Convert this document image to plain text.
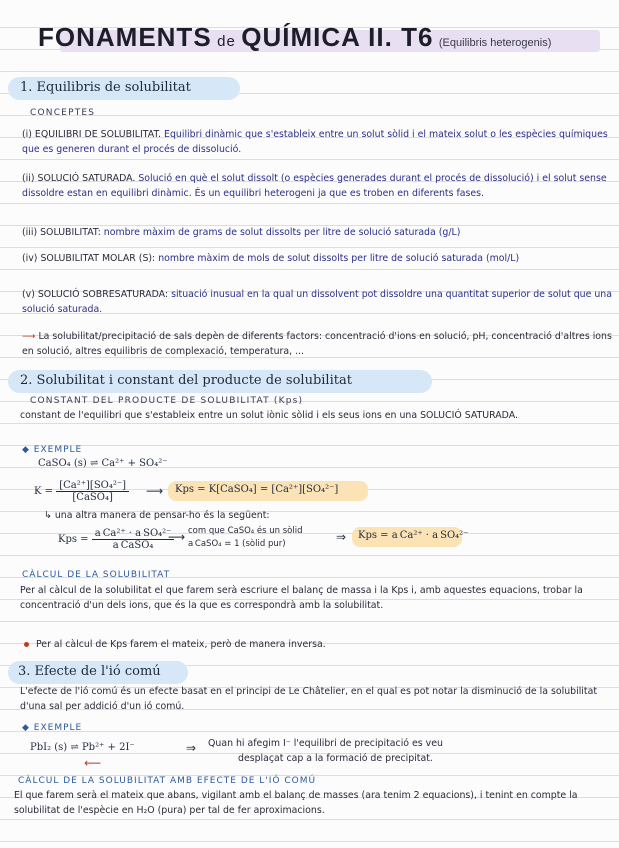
FONAMENTS de QUÍMICA II. T6 (Equilibris heterogenis)
1. Equilibris de solubilitat
CONCEPTES
(i) EQUILIBRI DE SOLUBILITAT. Equilibri dinàmic que s'estableix entre un solut sòlid i el mateix solut o les espècies químiques que es generen durant el procés de dissolució.
(ii) SOLUCIÓ SATURADA. Solució en què el solut dissolt (o espècies generades durant el procés de dissolució) i el solut sense dissoldre estan en equilibri dinàmic. És un equilibri heterogeni ja que es troben en diferents fases.
(iii) SOLUBILITAT: nombre màxim de grams de solut dissolts per litre de solució saturada (g/L)
(iv) SOLUBILITAT MOLAR (S): nombre màxim de mols de solut dissolts per litre de solució saturada (mol/L)
(v) SOLUCIÓ SOBRESATURADA: situació inusual en la qual un dissolvent pot dissoldre una quantitat superior de solut que una solució saturada.
⟶ La solubilitat/precipitació de sals depèn de diferents factors: concentració d'ions en solució, pH, concentració d'altres ions en solució, altres equilibris de complexació, temperatura, ...
2. Solubilitat i constant del producte de solubilitat
CONSTANT DEL PRODUCTE DE SOLUBILITAT (Kps)
constant de l'equilibri que s'estableix entre un solut iònic sòlid i els seus ions en una SOLUCIÓ SATURADA.
◆ EXEMPLE
CaSO₄ (s) ⇌ Ca²⁺ + SO₄²⁻
$K = \frac{\text{[Ca²⁺][SO₄²⁻]}}{\text{[CaSO₄]}}$ ⟶ Kps = K[CaSO₄] = [Ca²⁺][SO₄²⁻]
↳ una altra manera de pensar-ho és la següent:
Kps = $\frac{\text{a Ca²⁺ · a SO₄²⁻}}{\text{a CaSO₄}}$
⟶ com que CaSO₄ és un sòlid
a CaSO₄ = 1 (sòlid pur)	⇒ Kps = a Ca²⁺ · a SO₄²⁻
CÀLCUL DE LA SOLUBILITAT
Per al càlcul de la solubilitat el que farem serà escriure el balanç de massa i la Kps i, amb aquestes equacions, trobar la concentració d'un dels ions, que és la que es correspondrà amb la solubilitat.
Per al càlcul de Kps farem el mateix, però de manera inversa.
3. Efecte de l'ió comú
L'efecte de l'ió comú és un efecte basat en el principi de Le Châtelier, en el qual es pot notar la disminució de la solubilitat d'una sal per addició d'un ió comú.
◆ EXEMPLE
PbI₂ (s) ⇌ Pb²⁺ + 2I⁻
⟵
⇒ Quan hi afegim I⁻ l'equilibri de precipitació es veu
desplaçat cap a la formació de precipitat.
CÀLCUL DE LA SOLUBILITAT AMB EFECTE DE L'IÓ COMÚ
El que farem serà el mateix que abans, vigilant amb el balanç de masses (ara tenim 2 equacions), i tenint en compte la solubilitat de l'espècie en H₂O (pura) per tal de fer aproximacions.
